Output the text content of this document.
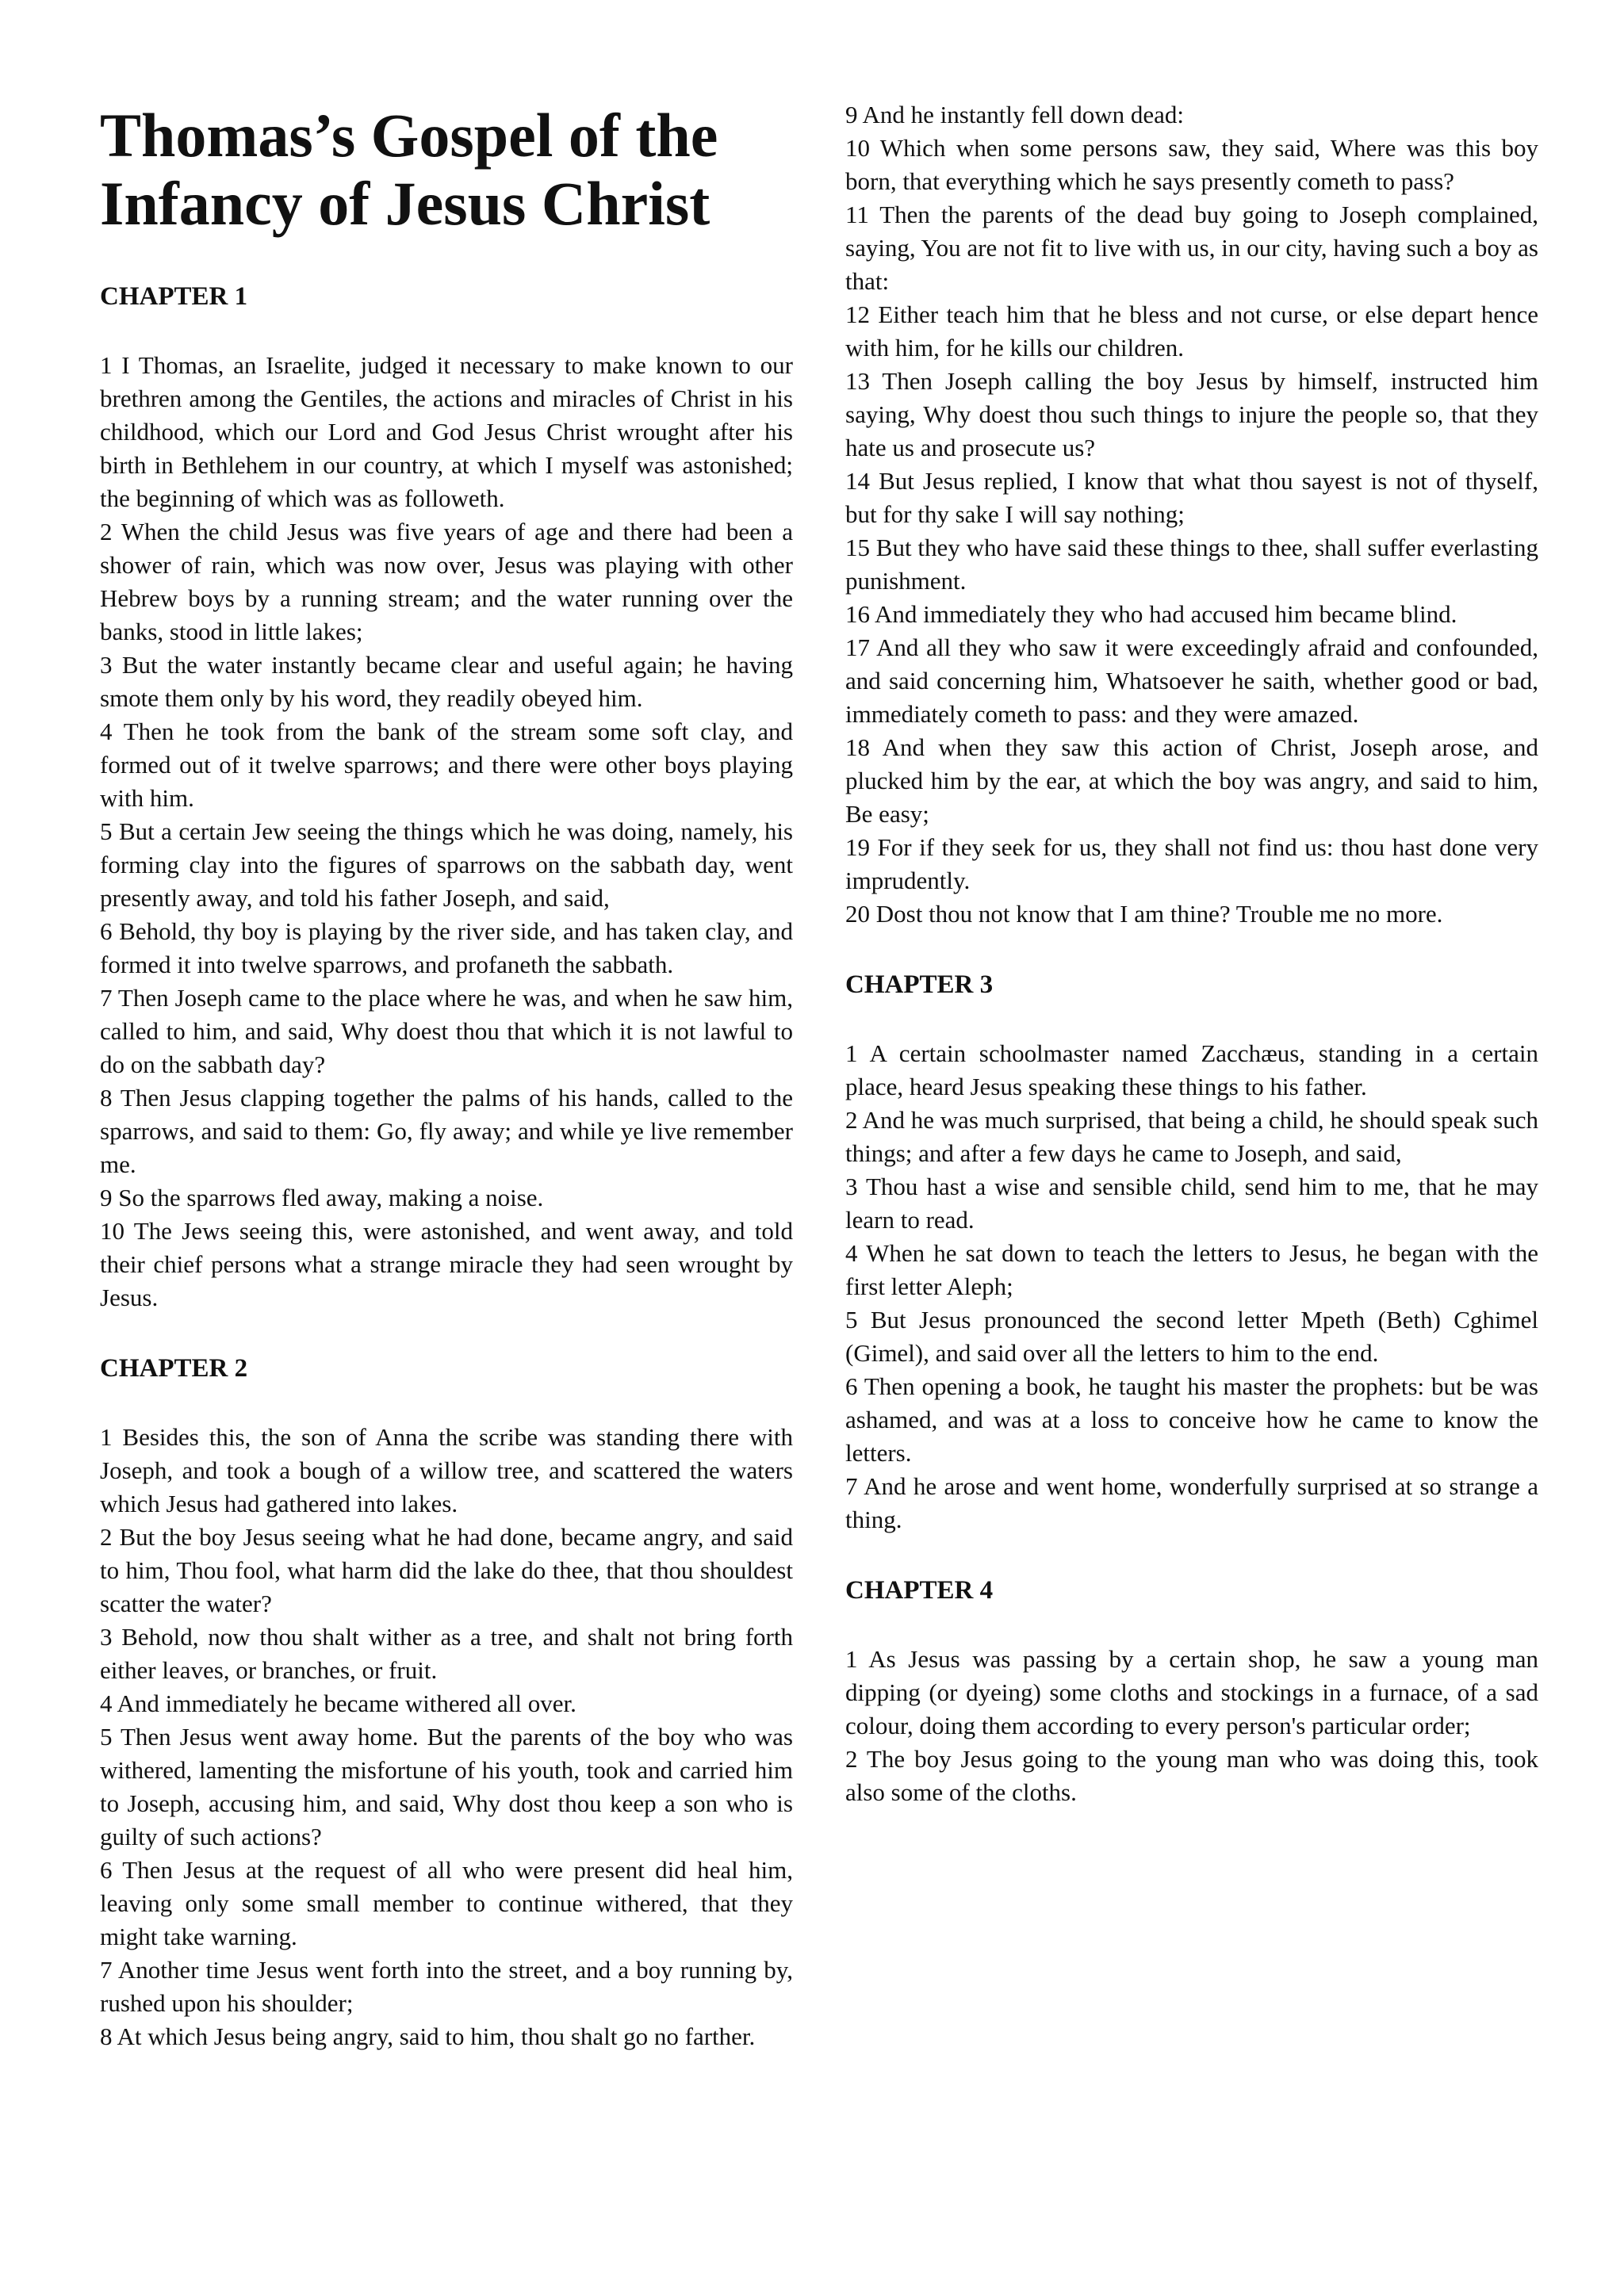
Thomas’s Gospel of the
Infancy of Jesus Christ
CHAPTER 1

1 I Thomas, an Israelite, judged it necessary to make known to our brethren among the Gentiles, the actions and miracles of Christ in his childhood, which our Lord and God Jesus Christ wrought after his birth in Bethlehem in our country, at which I myself was astonished; the beginning of which was as followeth.

2 When the child Jesus was five years of age and there had been a shower of rain, which was now over, Jesus was playing with other Hebrew boys by a running stream; and the water running over the banks, stood in little lakes;

3 But the water instantly became clear and useful again; he having smote them only by his word, they readily obeyed him.

4 Then he took from the bank of the stream some soft clay, and formed out of it twelve sparrows; and there were other boys playing with him.

5 But a certain Jew seeing the things which he was doing, namely, his forming clay into the figures of sparrows on the sabbath day, went presently away, and told his father Joseph, and said,

6 Behold, thy boy is playing by the river side, and has taken clay, and formed it into twelve sparrows, and profaneth the sabbath.

7 Then Joseph came to the place where he was, and when he saw him, called to him, and said, Why doest thou that which it is not lawful to do on the sabbath day?

8 Then Jesus clapping together the palms of his hands, called to the sparrows, and said to them: Go, fly away; and while ye live remember me.

9 So the sparrows fled away, making a noise.

10 The Jews seeing this, were astonished, and went away, and told their chief persons what a strange miracle they had seen wrought by Jesus.

CHAPTER 2

1 Besides this, the son of Anna the scribe was standing there with Joseph, and took a bough of a willow tree, and scattered the waters which Jesus had gathered into lakes.

2 But the boy Jesus seeing what he had done, became angry, and said to him, Thou fool, what harm did the lake do thee, that thou shouldest scatter the water?

3 Behold, now thou shalt wither as a tree, and shalt not bring forth either leaves, or branches, or fruit.

4 And immediately he became withered all over.

5 Then Jesus went away home. But the parents of the boy who was withered, lamenting the misfortune of his youth, took and carried him to Joseph, accusing him, and said, Why dost thou keep a son who is guilty of such actions?

6 Then Jesus at the request of all who were present did heal him, leaving only some small member to continue withered, that they might take warning.

7 Another time Jesus went forth into the street, and a boy running by, rushed upon his shoulder;

8 At which Jesus being angry, said to him, thou shalt go no farther.

9 And he instantly fell down dead:

10 Which when some persons saw, they said, Where was this boy born, that everything which he says presently cometh to pass?

11 Then the parents of the dead buy going to Joseph complained, saying, You are not fit to live with us, in our city, having such a boy as that:

12 Either teach him that he bless and not curse, or else depart hence with him, for he kills our children.

13 Then Joseph calling the boy Jesus by himself, instructed him saying, Why doest thou such things to injure the people so, that they hate us and prosecute us?

14 But Jesus replied, I know that what thou sayest is not of thyself, but for thy sake I will say nothing;

15 But they who have said these things to thee, shall suffer everlasting punishment.

16 And immediately they who had accused him became blind.

17 And all they who saw it were exceedingly afraid and confounded, and said concerning him, Whatsoever he saith, whether good or bad, immediately cometh to pass: and they were amazed.

18 And when they saw this action of Christ, Joseph arose, and plucked him by the ear, at which the boy was angry, and said to him, Be easy;

19 For if they seek for us, they shall not find us: thou hast done very imprudently.

20 Dost thou not know that I am thine? Trouble me no more.

CHAPTER 3

1 A certain schoolmaster named Zacchæus, standing in a certain place, heard Jesus speaking these things to his father.

2 And he was much surprised, that being a child, he should speak such things; and after a few days he came to Joseph, and said,

3 Thou hast a wise and sensible child, send him to me, that he may learn to read.

4 When he sat down to teach the letters to Jesus, he began with the first letter Aleph;

5 But Jesus pronounced the second letter Mpeth (Beth) Cghimel (Gimel), and said over all the letters to him to the end.

6 Then opening a book, he taught his master the prophets: but be was ashamed, and was at a loss to conceive how he came to know the letters.

7 And he arose and went home, wonderfully surprised at so strange a thing.

CHAPTER 4

1 As Jesus was passing by a certain shop, he saw a young man dipping (or dyeing) some cloths and stockings in a furnace, of a sad colour, doing them according to every person's particular order;

2 The boy Jesus going to the young man who was doing this, took also some of the cloths.
